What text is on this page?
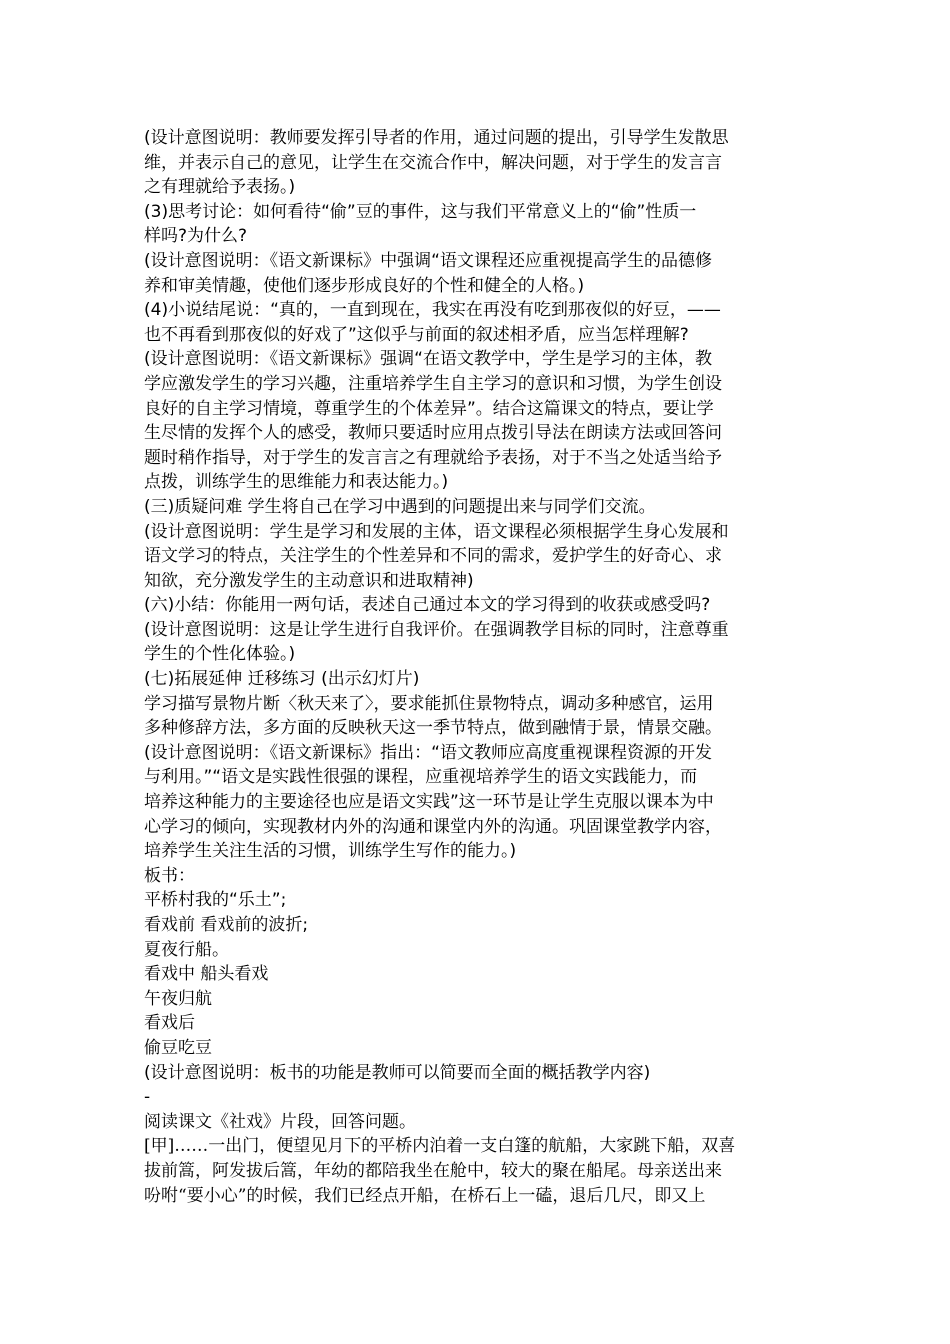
(设计意图说明：教师要发挥引导者的作用，通过问题的提出，引导学生发散思
维，并表示自己的意见，让学生在交流合作中，解决问题，对于学生的发言言
之有理就给予表扬。)
(3)思考讨论：如何看待“偷”豆的事件，这与我们平常意义上的“偷”性质一
样吗?为什么?
(设计意图说明：《语文新课标》中强调“语文课程还应重视提高学生的品德修
养和审美情趣，使他们逐步形成良好的个性和健全的人格。)
(4)小说结尾说：“真的，一直到现在，我实在再没有吃到那夜似的好豆，——
也不再看到那夜似的好戏了”这似乎与前面的叙述相矛盾，应当怎样理解?
(设计意图说明：《语文新课标》强调“在语文教学中，学生是学习的主体，教
学应激发学生的学习兴趣，注重培养学生自主学习的意识和习惯，为学生创设
良好的自主学习情境，尊重学生的个体差异”。结合这篇课文的特点，要让学
生尽情的发挥个人的感受，教师只要适时应用点拨引导法在朗读方法或回答问
题时稍作指导，对于学生的发言言之有理就给予表扬，对于不当之处适当给予
点拨，训练学生的思维能力和表达能力。)
(三)质疑问难 学生将自己在学习中遇到的问题提出来与同学们交流。
(设计意图说明：学生是学习和发展的主体，语文课程必须根据学生身心发展和
语文学习的特点，关注学生的个性差异和不同的需求，爱护学生的好奇心、求
知欲，充分激发学生的主动意识和进取精神)
(六)小结：你能用一两句话，表述自己通过本文的学习得到的收获或感受吗?
(设计意图说明：这是让学生进行自我评价。在强调教学目标的同时，注意尊重
学生的个性化体验。)
(七)拓展延伸 迁移练习 (出示幻灯片)
学习描写景物片断〈秋天来了〉，要求能抓住景物特点，调动多种感官，运用
多种修辞方法，多方面的反映秋天这一季节特点，做到融情于景，情景交融。
(设计意图说明：《语文新课标》指出：“语文教师应高度重视课程资源的开发
与利用。”“语文是实践性很强的课程，应重视培养学生的语文实践能力，而
培养这种能力的主要途径也应是语文实践”这一环节是让学生克服以课本为中
心学习的倾向，实现教材内外的沟通和课堂内外的沟通。巩固课堂教学内容，
培养学生关注生活的习惯，训练学生写作的能力。)
板书：
平桥村我的“乐土”;
看戏前 看戏前的波折;
夏夜行船。
看戏中 船头看戏
午夜归航
看戏后
偷豆吃豆
(设计意图说明：板书的功能是教师可以简要而全面的概括教学内容)
-
阅读课文《社戏》片段，回答问题。
[甲]……一出门，便望见月下的平桥内泊着一支白篷的航船，大家跳下船，双喜
拔前篙，阿发拔后篙，年幼的都陪我坐在舱中，较大的聚在船尾。母亲送出来
吩咐“要小心”的时候，我们已经点开船，在桥石上一磕，退后几尺，即又上
